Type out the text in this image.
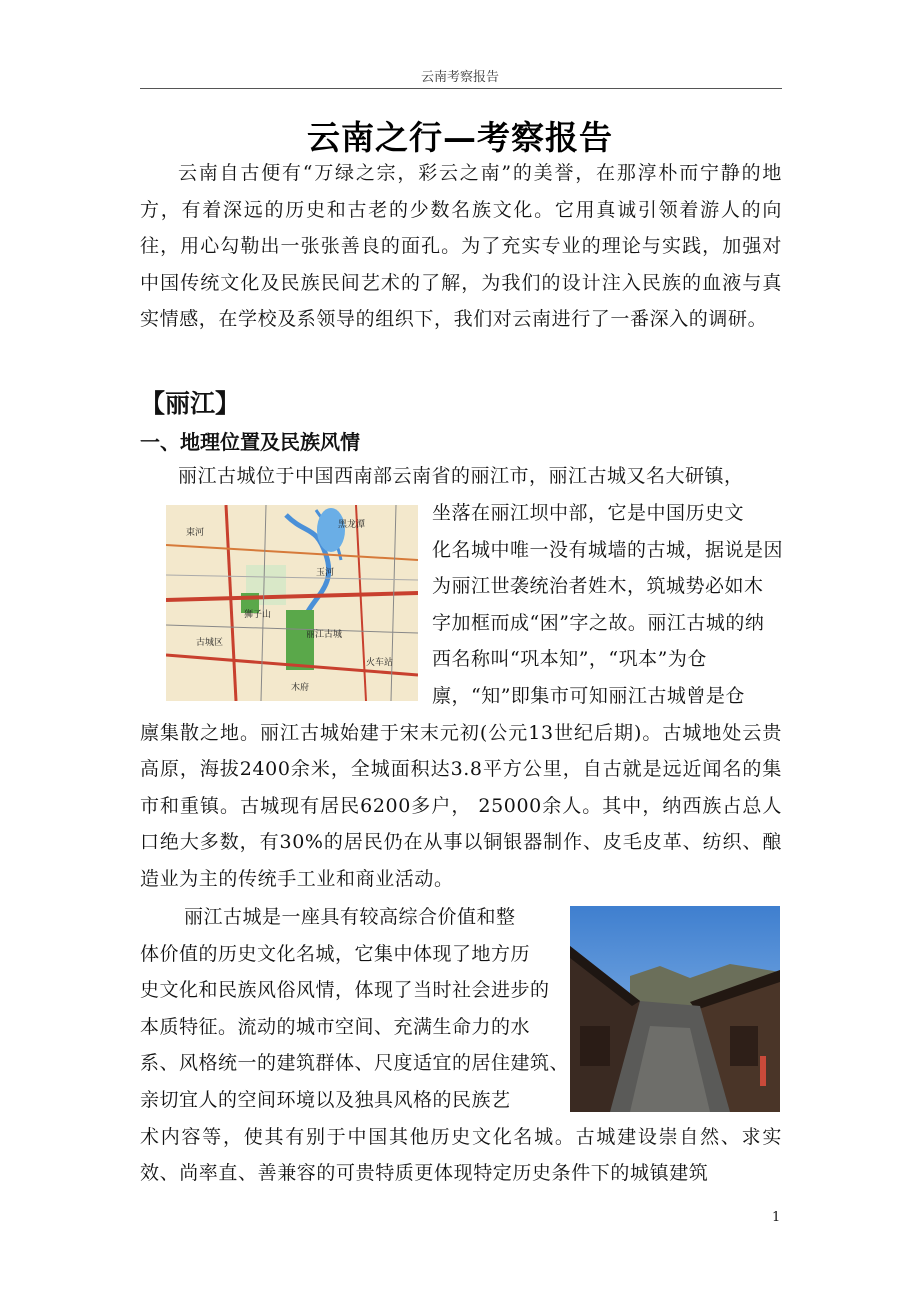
云南考察报告
云南之行—考察报告

云南自古便有“万绿之宗，彩云之南”的美誉，在那淳朴而宁静的地方，有着深远的历史和古老的少数名族文化。它用真诚引领着游人的向往，用心勾勒出一张张善良的面孔。为了充实专业的理论与实践，加强对中国传统文化及民族民间艺术的了解，为我们的设计注入民族的血液与真实情感，在学校及系领导的组织下，我们对云南进行了一番深入的调研。

【丽江】
一、地理位置及民族风情

丽江古城位于中国西南部云南省的丽江市，丽江古城又名大研镇，

丽江古城
束河
黑龙潭
玉河
狮子山
火车站
古城区
木府

坐落在丽江坝中部，它是中国历史文

化名城中唯一没有城墙的古城，据说是因

为丽江世袭统治者姓木，筑城势必如木

字加框而成“困”字之故。丽江古城的纳

西名称叫“巩本知”，“巩本”为仓

廪，“知”即集市可知丽江古城曾是仓

廪集散之地。丽江古城始建于宋末元初(公元13世纪后期)。古城地处云贵高原，海拔2400余米，全城面积达3.8平方公里，自古就是远近闻名的集市和重镇。古城现有居民6200多户， 25000余人。其中，纳西族占总人口绝大多数，有30%的居民仍在从事以铜银器制作、皮毛皮革、纺织、酿造业为主的传统手工业和商业活动。

丽江古城是一座具有较高综合价值和整

体价值的历史文化名城，它集中体现了地方历

史文化和民族风俗风情，体现了当时社会进步的

本质特征。流动的城市空间、充满生命力的水

系、风格统一的建筑群体、尺度适宜的居住建筑、

亲切宜人的空间环境以及独具风格的民族艺

术内容等，使其有别于中国其他历史文化名城。古城建设崇自然、求实效、尚率直、善兼容的可贵特质更体现特定历史条件下的城镇建筑

1
